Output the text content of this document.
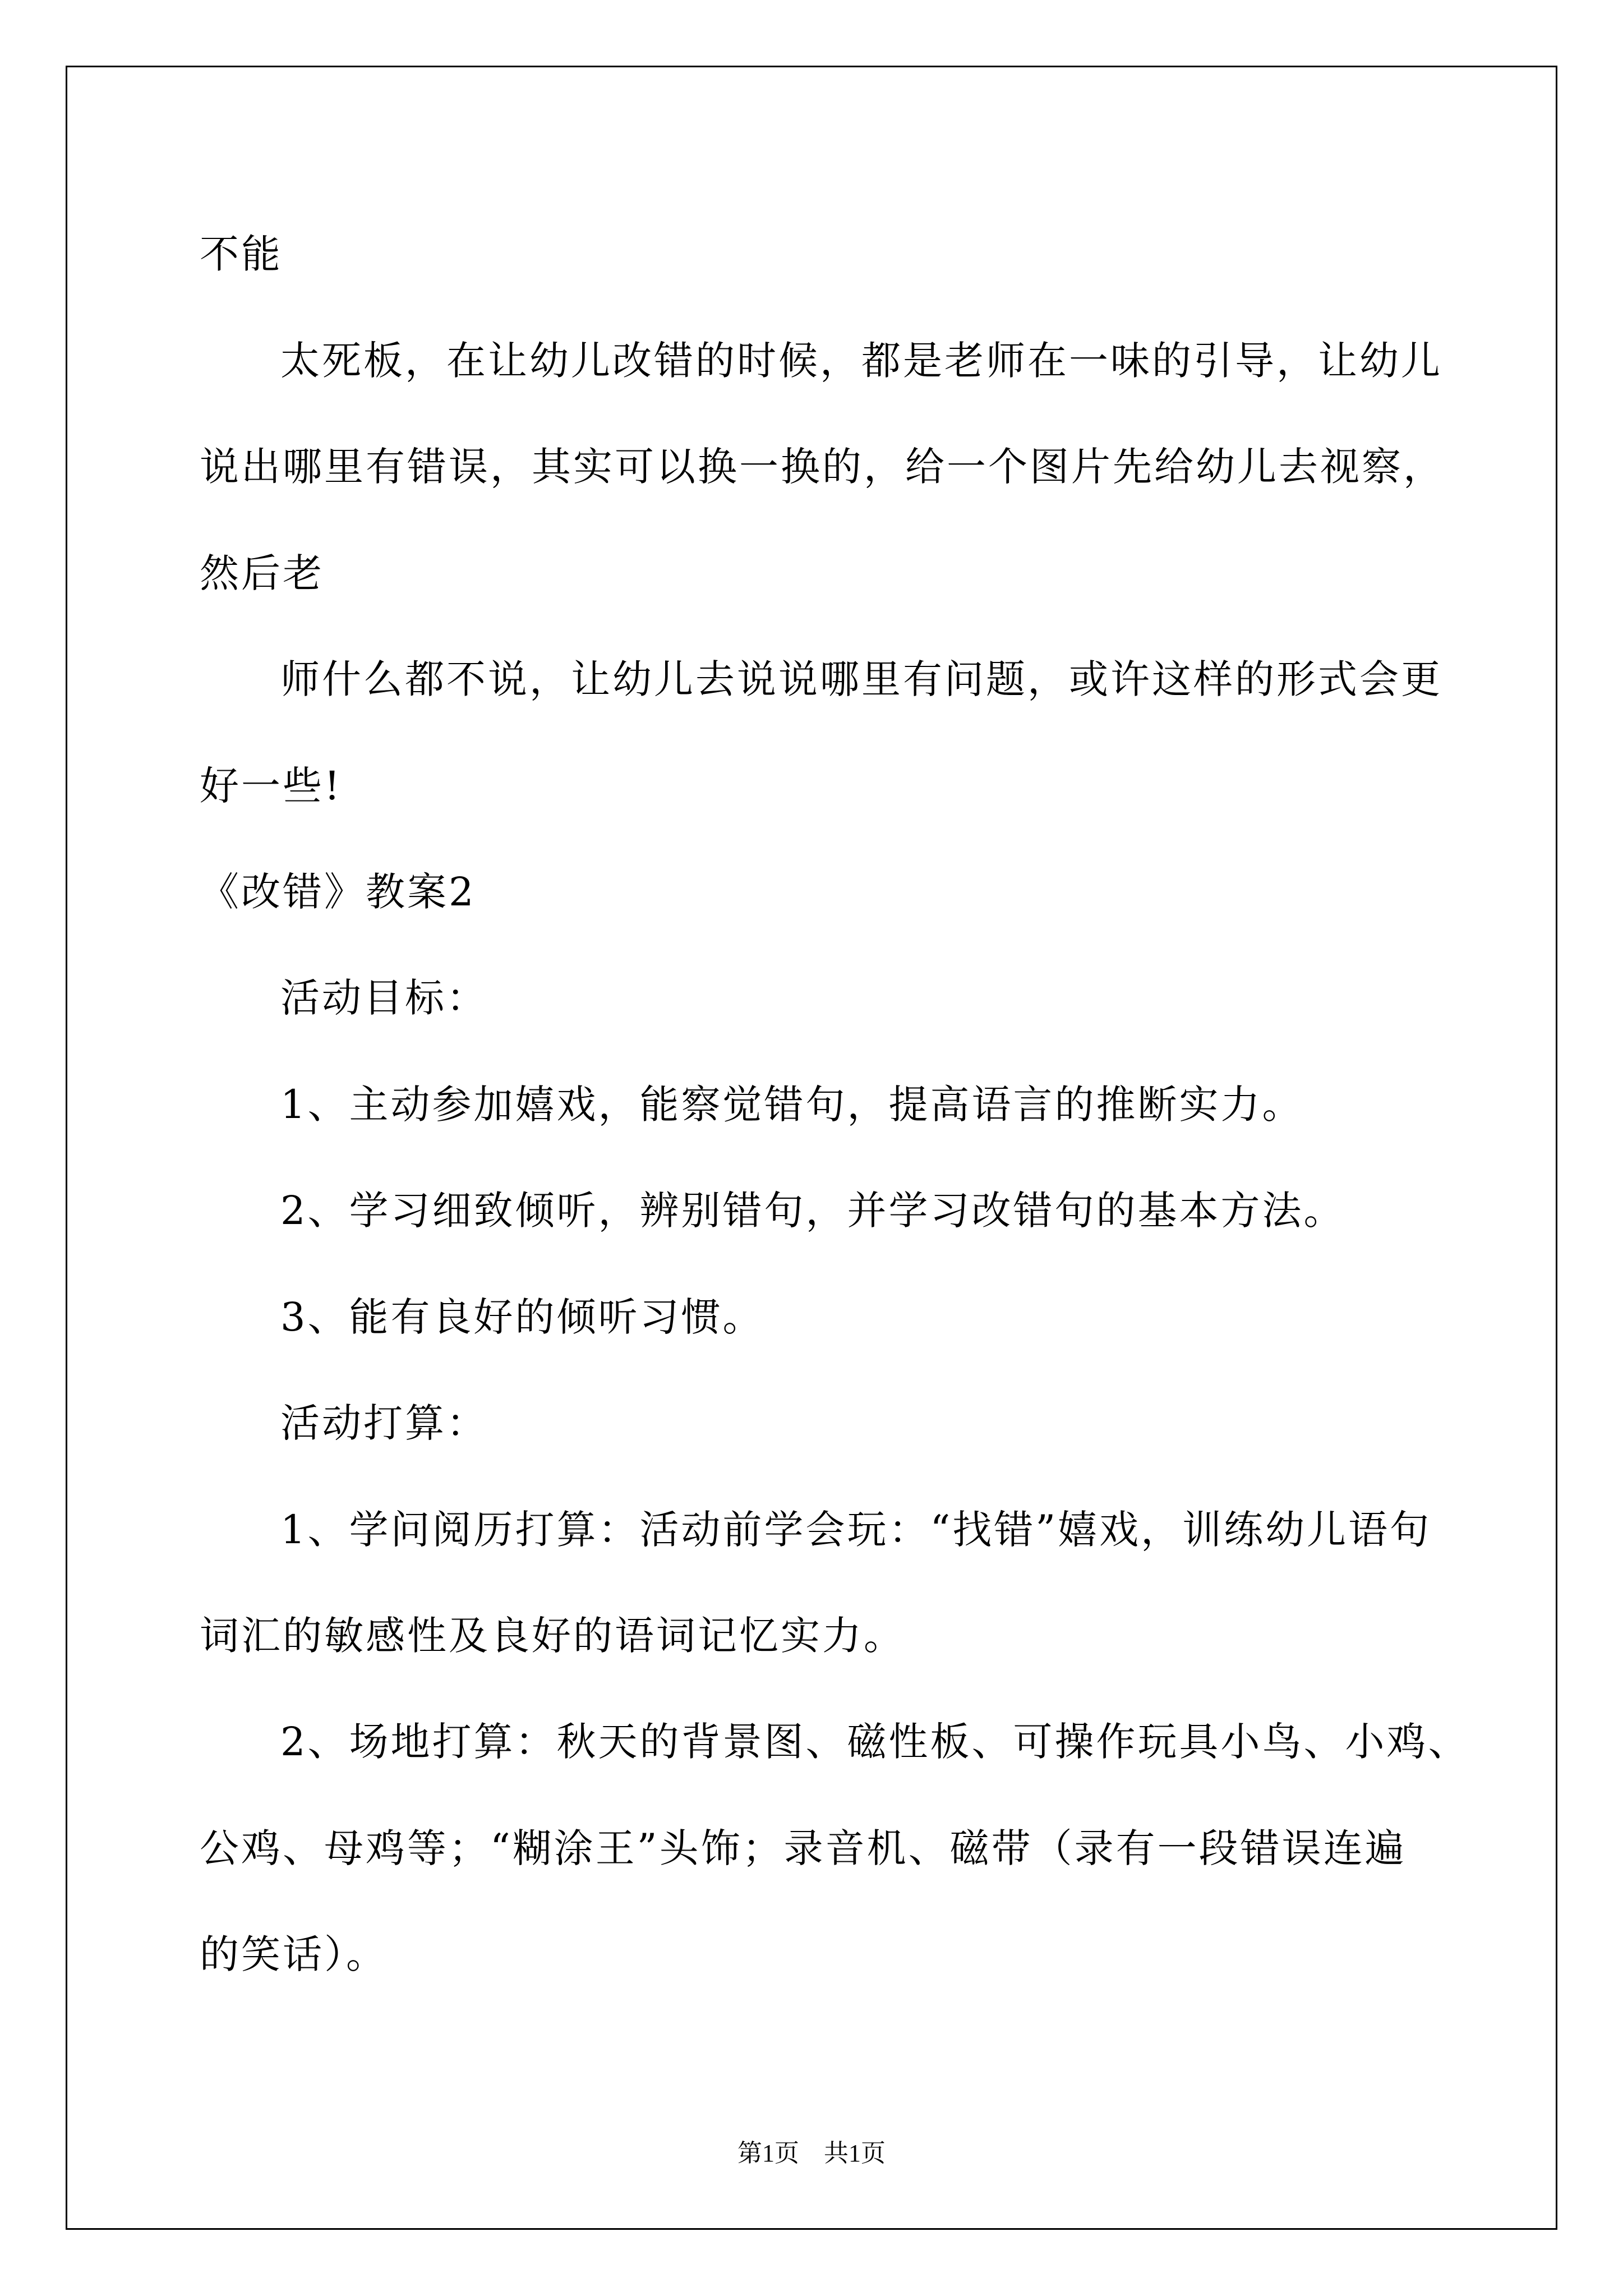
不能
太死板，在让幼儿改错的时候，都是老师在一味的引导，让幼儿
说出哪里有错误，其实可以换一换的，给一个图片先给幼儿去视察，
然后老
师什么都不说，让幼儿去说说哪里有问题，或许这样的形式会更
好一些!
《改错》教案2
活动目标：
1、主动参加嬉戏，能察觉错句，提高语言的推断实力。
2、学习细致倾听，辨别错句，并学习改错句的基本方法。
3、能有良好的倾听习惯。
活动打算：
1、学问阅历打算：活动前学会玩：“找错”嬉戏，训练幼儿语句
词汇的敏感性及良好的语词记忆实力。
2、场地打算：秋天的背景图、磁性板、可操作玩具小鸟、小鸡、
公鸡、母鸡等；“糊涂王”头饰；录音机、磁带（录有一段错误连遍
的笑话）。
第1页　共1页
